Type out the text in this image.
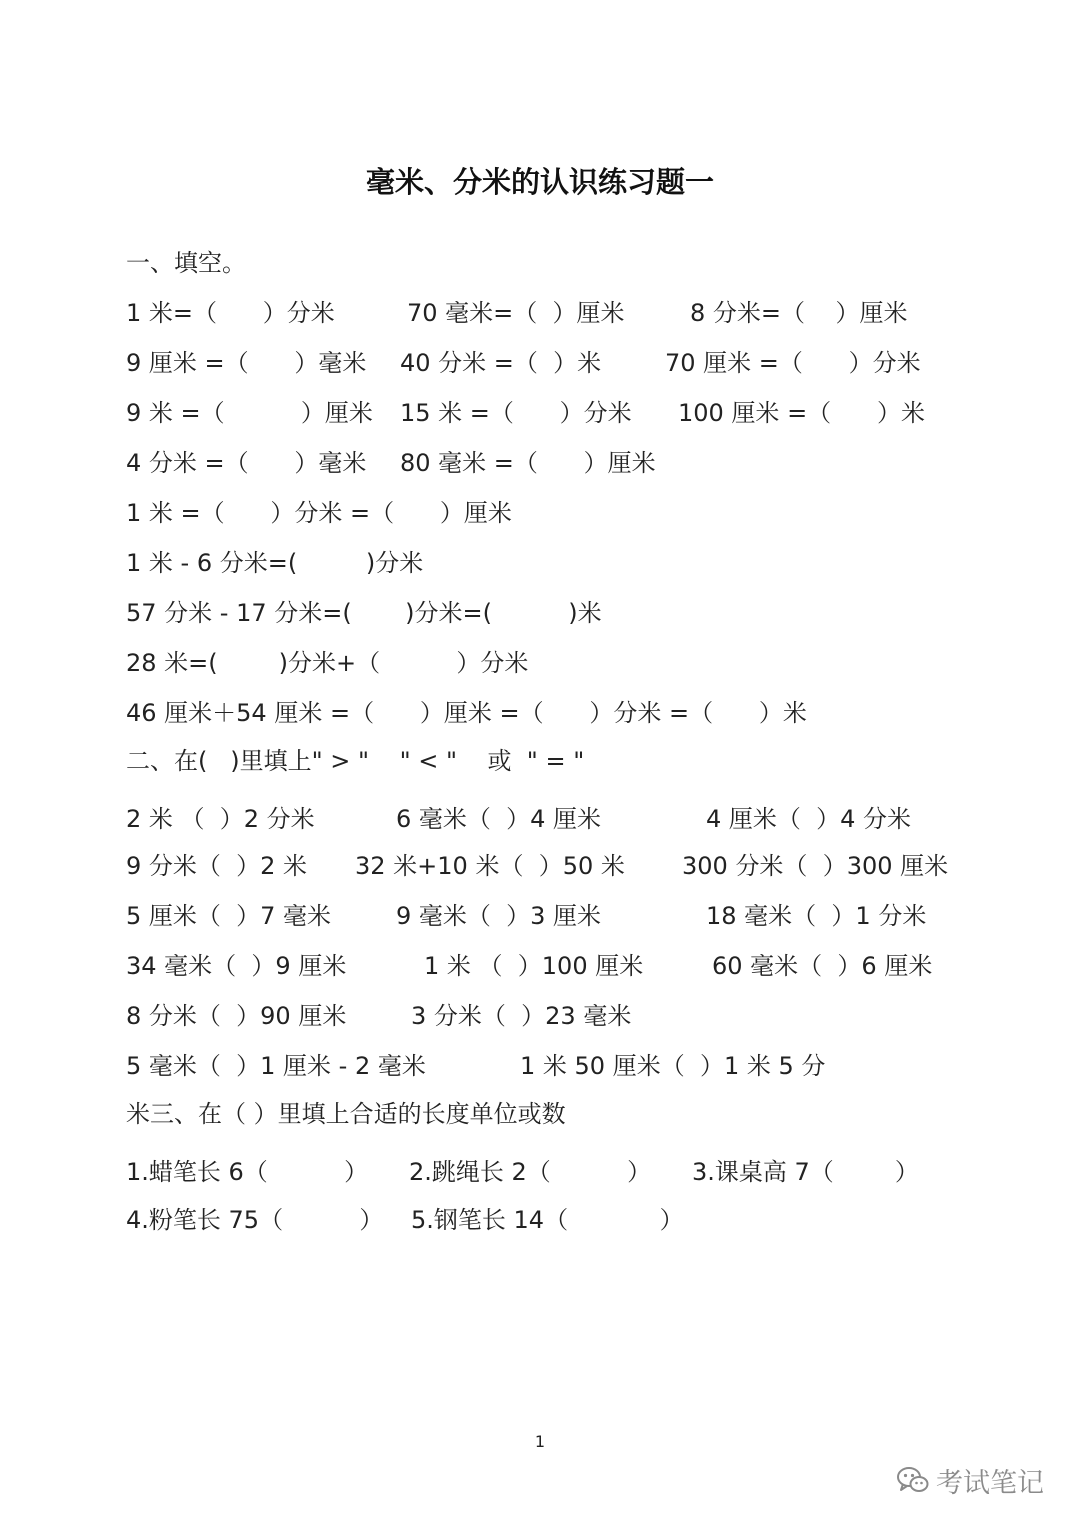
毫米、分米的认识练习题一
一、填空。
1 米=（      ）分米	70 毫米=（  ）厘米	8 分米=（    ）厘米
9 厘米 =（      ）毫米 40 分米 =（  ）米	70 厘米 =（      ）分米
9 米 =（          ）厘米 15 米 =（      ）分米 100 厘米 =（      ）米
4 分米 =（      ）毫米 80 毫米 =（      ）厘米
1 米 =（      ）分米 =（      ）厘米
1 米 - 6 分米=(         )分米
57 分米 - 17 分米=(       )分米=(          )米
28 米=(        )分米+（          ）分米
46 厘米＋54 厘米 =（      ）厘米 =（      ）分米 =（      ）米
二、在(   )里填上" > "    " < "    或  " = "
2 米 （  ）2 分米	6 毫米（  ）4 厘米	4 厘米（  ）4 分米
9 分米（  ）2 米 32 米+10 米（  ）50 米 300 分米（  ）300 厘米
5 厘米（  ）7 毫米	9 毫米（  ）3 厘米	18 毫米（  ）1 分米
34 毫米（  ）9 厘米	1 米 （  ）100 厘米	60 毫米（  ）6 厘米
8 分米（  ）90 厘米	3 分米（  ）23 毫米
5 毫米（  ）1 厘米 - 2 毫米	1 米 50 厘米（  ）1 米 5 分
米三、在（ ）里填上合适的长度单位或数
1.蜡笔长 6（          ） 2.跳绳长 2（          ） 3.课桌高 7（        ）
4.粉笔长 75（          ） 5.钢笔长 14（            ）
1
考试笔记
